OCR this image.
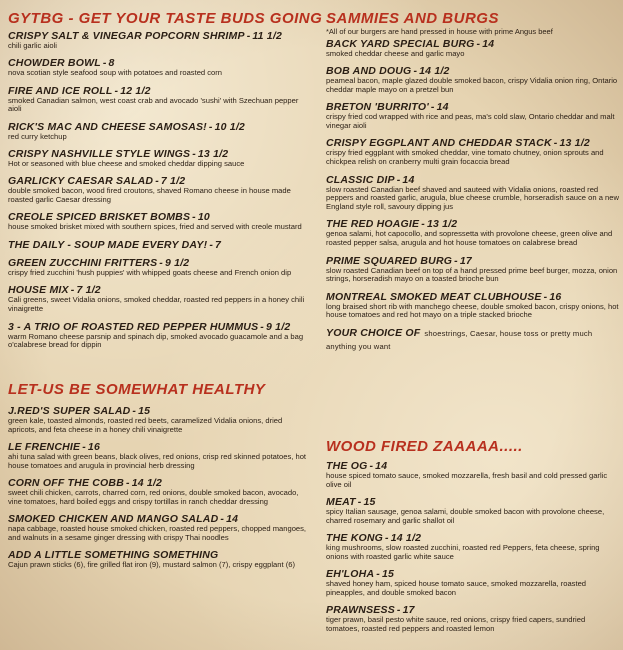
GYTBG - GET YOUR TASTE BUDS GOING
CRISPY SALT & VINEGAR POPCORN SHRIMP - 11 1/2
chili garlic aioli
CHOWDER BOWL - 8
nova scotian style seafood soup with potatoes and roasted corn
FIRE AND ICE ROLL - 12 1/2
smoked Canadian salmon, west coast crab and avocado 'sushi' with Szechuan pepper aioli
RICK'S MAC AND CHEESE SAMOSAS! - 10 1/2
red curry ketchup
CRISPY NASHVILLE STYLE WINGS - 13 1/2
Hot or seasoned with blue cheese and smoked cheddar dipping sauce
GARLICKY CAESAR SALAD - 7 1/2
double smoked bacon, wood fired croutons, shaved Romano cheese in house made roasted garlic Caesar dressing
CREOLE SPICED BRISKET BOMBS - 10
house smoked brisket mixed with southern spices, fried and served with creole mustard
THE DAILY - SOUP MADE EVERY DAY! - 7
GREEN ZUCCHINI FRITTERS - 9 1/2
crispy fried zucchini 'hush puppies' with whipped goats cheese and French onion dip
HOUSE MIX - 7 1/2
Cali greens, sweet Vidalia onions, smoked cheddar, roasted red peppers in a honey chili vinaigrette
3 - A TRIO OF ROASTED RED PEPPER HUMMUS - 9 1/2
warm Romano cheese parsnip and spinach dip, smoked avocado guacamole and a bag o'calabrese bread for dippin
LET-US BE SOMEWHAT HEALTHY
J.RED'S SUPER SALAD - 15
green kale, toasted almonds, roasted red beets, caramelized Vidalia onions, dried apricots, and feta cheese in a honey chili vinaigrette
LE FRENCHIE - 16
ahi tuna salad with green beans, black olives, red onions, crisp red skinned potatoes, hot house tomatoes and arugula in provincial herb dressing
CORN OFF THE COBB - 14 1/2
sweet chili chicken, carrots, charred corn, red onions, double smoked bacon, avocado, vine tomatoes, hard boiled eggs and crispy tortillas in ranch cheddar dressing
SMOKED CHICKEN AND MANGO SALAD - 14
napa cabbage, roasted house smoked chicken, roasted red peppers, chopped mangoes, and walnuts in a sesame ginger dressing with crispy Thai noodles
ADD A LITTLE SOMETHING SOMETHING
Cajun prawn sticks (6), fire grilled flat iron (9), mustard salmon (7), crispy eggplant (6)
SAMMIES AND BURGS
*All of our burgers are hand pressed in house with prime Angus beef
BACK YARD SPECIAL BURG - 14
smoked cheddar cheese and garlic mayo
BOB AND DOUG - 14 1/2
peameal bacon, maple glazed double smoked bacon, crispy Vidalia onion ring, Ontario cheddar maple mayo on a pretzel bun
BRETON 'BURRITO' - 14
crispy fried cod wrapped with rice and peas, ma's cold slaw, Ontario cheddar and malt vinegar aioli
CRISPY EGGPLANT AND CHEDDAR STACK - 13 1/2
crispy fried eggplant with smoked cheddar, vine tomato chutney, onion sprouts and chickpea relish on cranberry multi grain focaccia bread
CLASSIC DIP - 14
slow roasted Canadian beef shaved and sauteed with Vidalia onions, roasted red peppers and roasted garlic, arugula, blue cheese crumble, horseradish sauce on a new England style roll, savoury dipping jus
THE RED HOAGIE - 13 1/2
genoa salami, hot capocollo, and sopressetta with provolone cheese, green olive and roasted pepper salsa, arugula and hot house tomatoes on calabrese bread
PRIME SQUARED BURG - 17
slow roasted Canadian beef on top of a hand pressed prime beef burger, mozza, onion strings, horseradish mayo on a toasted brioche bun
MONTREAL SMOKED MEAT CLUBHOUSE - 16
long braised short rib with manchego cheese, double smoked bacon, crispy onions, hot house tomatoes and red hot mayo on a triple stacked brioche
YOUR CHOICE OF shoestrings, Caesar, house toss or pretty much anything you want
WOOD FIRED ZAAAAA.....
THE OG - 14
house spiced tomato sauce, smoked mozzarella, fresh basil and cold pressed garlic olive oil
MEAT - 15
spicy Italian sausage, genoa salami, double smoked bacon with provolone cheese, charred rosemary and garlic shallot oil
THE KONG - 14 1/2
king mushrooms, slow roasted zucchini, roasted red Peppers, feta cheese, spring onions with roasted garlic white sauce
EH'LOHA - 15
shaved honey ham, spiced house tomato sauce, smoked mozzarella, roasted pineapples, and double smoked bacon
PRAWNSESS - 17
tiger prawn, basil pesto white sauce, red onions, crispy fried capers, sundried tomatoes, roasted red peppers and roasted lemon
